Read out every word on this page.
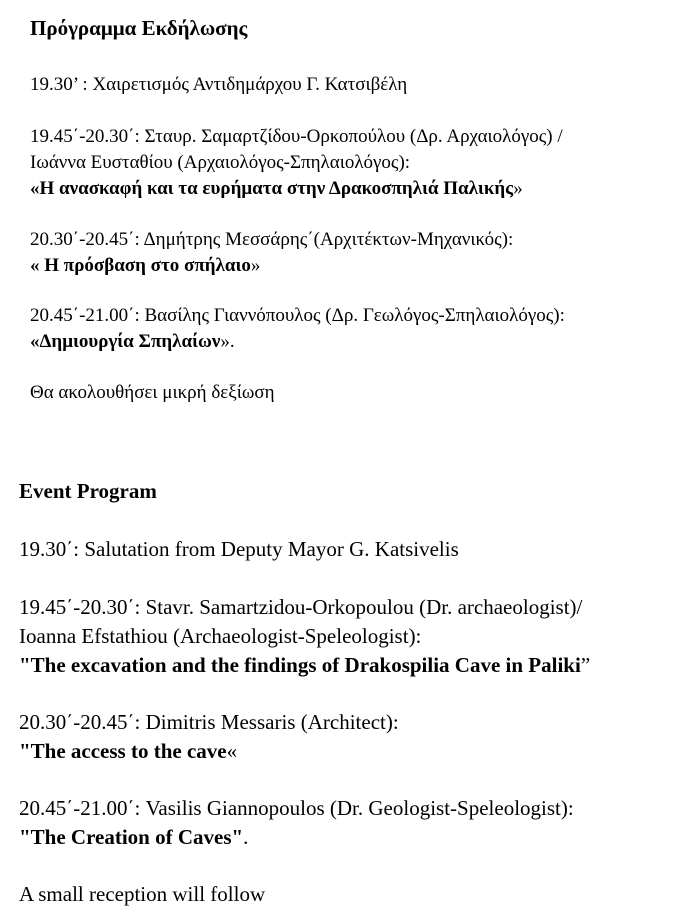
Πρόγραμμα Εκδήλωσης
19.30’ : Χαιρετισμός Αντιδημάρχου Γ. Κατσιβέλη
19.45΄-20.30΄: Σταυρ. Σαμαρτζίδου-Ορκοπούλου (Δρ. Αρχαιολόγος) /
Ιωάννα Ευσταθίου (Αρχαιολόγος-Σπηλαιολόγος):
«Η ανασκαφή και τα ευρήματα στην Δρακοσπηλιά Παλικής»
20.30΄-20.45΄: Δημήτρης Μεσσάρης΄(Αρχιτέκτων-Μηχανικός):
« Η πρόσβαση στο σπήλαιο»
20.45΄-21.00΄: Βασίλης Γιαννόπουλος (Δρ. Γεωλόγος-Σπηλαιολόγος):
«Δημιουργία Σπηλαίων».
Θα ακολουθήσει μικρή δεξίωση
Event Program
19.30΄: Salutation from Deputy Mayor G. Katsivelis
19.45΄-20.30΄: Stavr. Samartzidou-Orkopoulou (Dr. archaeologist)/
Ioanna Efstathiou (Archaeologist-Speleologist):
"The excavation and the findings of Drakospilia Cave in Paliki”
20.30΄-20.45΄: Dimitris Messaris (Architect):
"The access to the cave«
20.45΄-21.00΄: Vasilis Giannopoulos (Dr. Geologist-Speleologist):
"The Creation of Caves".
A small reception will follow
